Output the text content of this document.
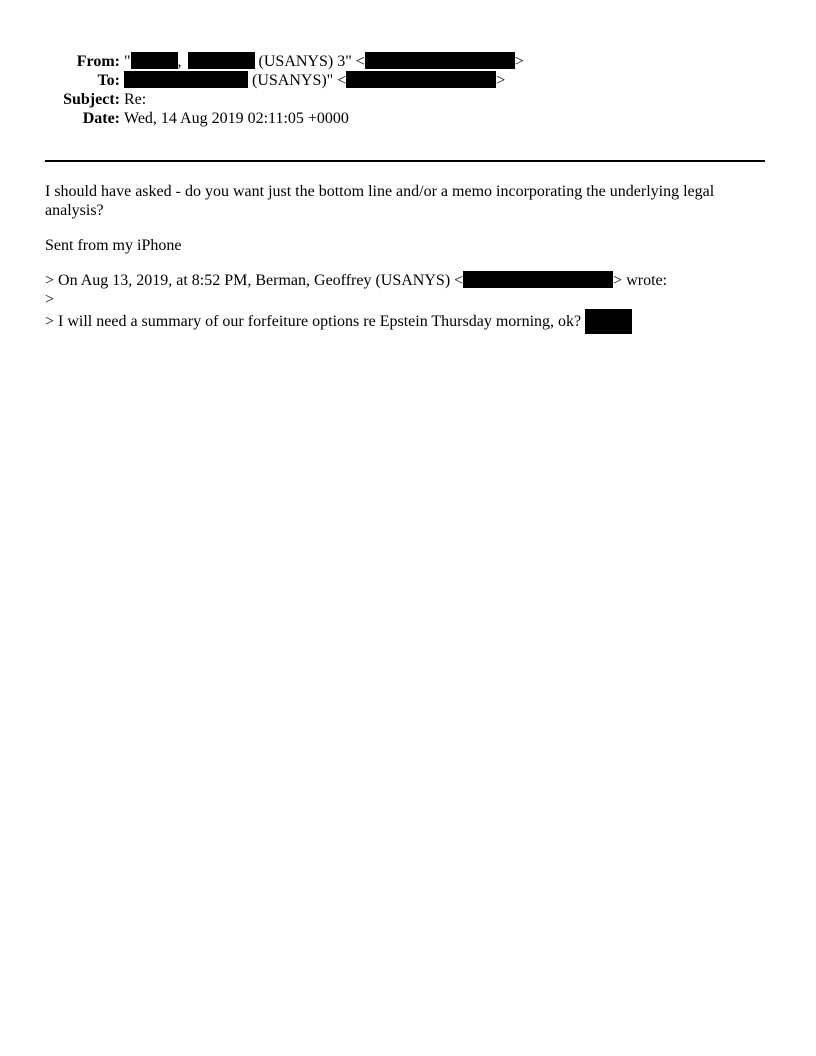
From: "	,	(USANYS) 3" <	>
To:	(USANYS)" <	>
Subject: Re:
Date: Wed, 14 Aug 2019 02:11:05 +0000

I should have asked - do you want just the bottom line and/or a memo incorporating the underlying legal analysis?

Sent from my iPhone

> On Aug 13, 2019, at 8:52 PM, Berman, Geoffrey (USANYS) <	> wrote:
>
> I will need a summary of our forfeiture options re Epstein Thursday morning, ok?
